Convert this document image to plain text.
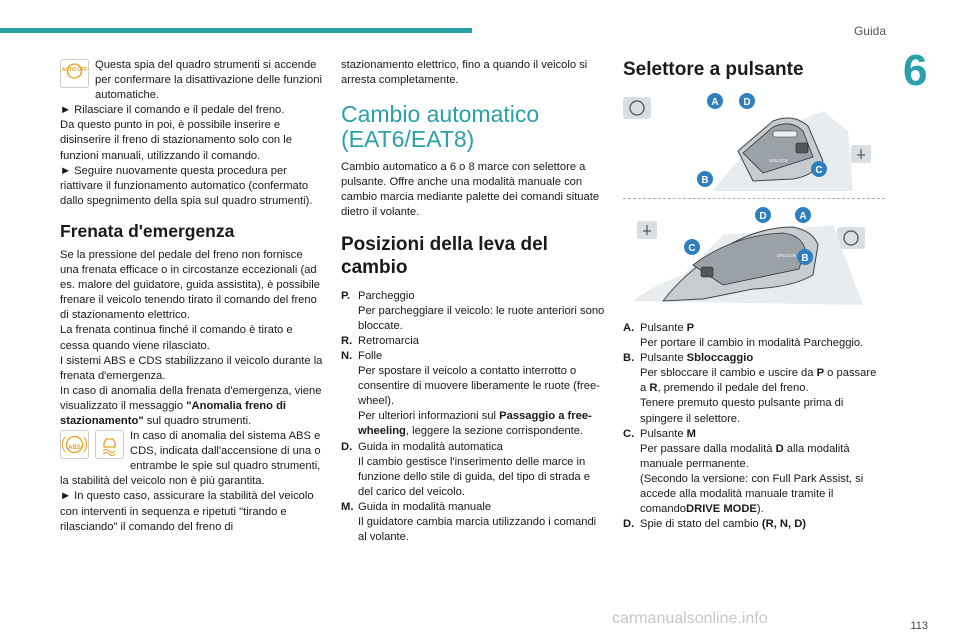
Guida
6
AUTO OFF Questa spia del quadro strumenti si accende per confermare la disattivazione delle funzioni automatiche.

► Rilasciare il comando e il pedale del freno.

Da questo punto in poi, è possibile inserire e disinserire il freno di stazionamento solo con le funzioni manuali, utilizzando il comando.

► Seguire nuovamente questa procedura per riattivare il funzionamento automatico (confermato dallo spegnimento della spia sul quadro strumenti).

Frenata d'emergenza

Se la pressione del pedale del freno non fornisce una frenata efficace o in circostanze eccezionali (ad es. malore del guidatore, guida assistita), è possibile frenare il veicolo tenendo tirato il comando del freno di stazionamento elettrico.

La frenata continua finché il comando è tirato e cessa quando viene rilasciato.

I sistemi ABS e CDS stabilizzano il veicolo durante la frenata d'emergenza.

In caso di anomalia della frenata d'emergenza, viene visualizzato il messaggio "Anomalia freno di stazionamento" sul quadro strumenti.

ABS

In caso di anomalia del sistema ABS e CDS, indicata dall'accensione di una o entrambe le spie sul quadro strumenti, la stabilità del veicolo non è più garantita.

► In questo caso, assicurare la stabilità del veicolo con interventi in sequenza e ripetuti "tirando e rilasciando" il comando del freno di

stazionamento elettrico, fino a quando il veicolo si arresta completamente.

Cambio automatico (EAT6/EAT8)

Cambio automatico a 6 o 8 marce con selettore a pulsante. Offre anche una modalità manuale con cambio marcia mediante palette dei comandi situate dietro il volante.

Posizioni della leva del cambio
P. Parcheggio
Per parcheggiare il veicolo: le ruote anteriori sono bloccate.
R. Retromarcia
N. Folle
Per spostare il veicolo a contatto interrotto o consentire di muovere liberamente le ruote (free-wheel).
Per ulteriori informazioni sul Passaggio a free-wheeling, leggere la sezione corrispondente.
D. Guida in modalità automatica
Il cambio gestisce l'inserimento delle marce in funzione dello stile di guida, del tipo di strada e del carico del veicolo.
M. Guida in modalità manuale
Il guidatore cambia marcia utilizzando i comandi al volante.
Selettore a pulsante
A D
C
B
UNLOCK
D	A
C
B
UNLOCK
A. Pulsante P
Per portare il cambio in modalità Parcheggio.
B. Pulsante Sbloccaggio
Per sbloccare il cambio e uscire da P o passare a R, premendo il pedale del freno.
Tenere premuto questo pulsante prima di spingere il selettore.
C. Pulsante M
Per passare dalla modalità D alla modalità manuale permanente.
(Secondo la versione: con Full Park Assist, si accede alla modalità manuale tramite il comandoDRIVE MODE).
D. Spie di stato del cambio (R, N, D)
carmanualsonline.info	113
